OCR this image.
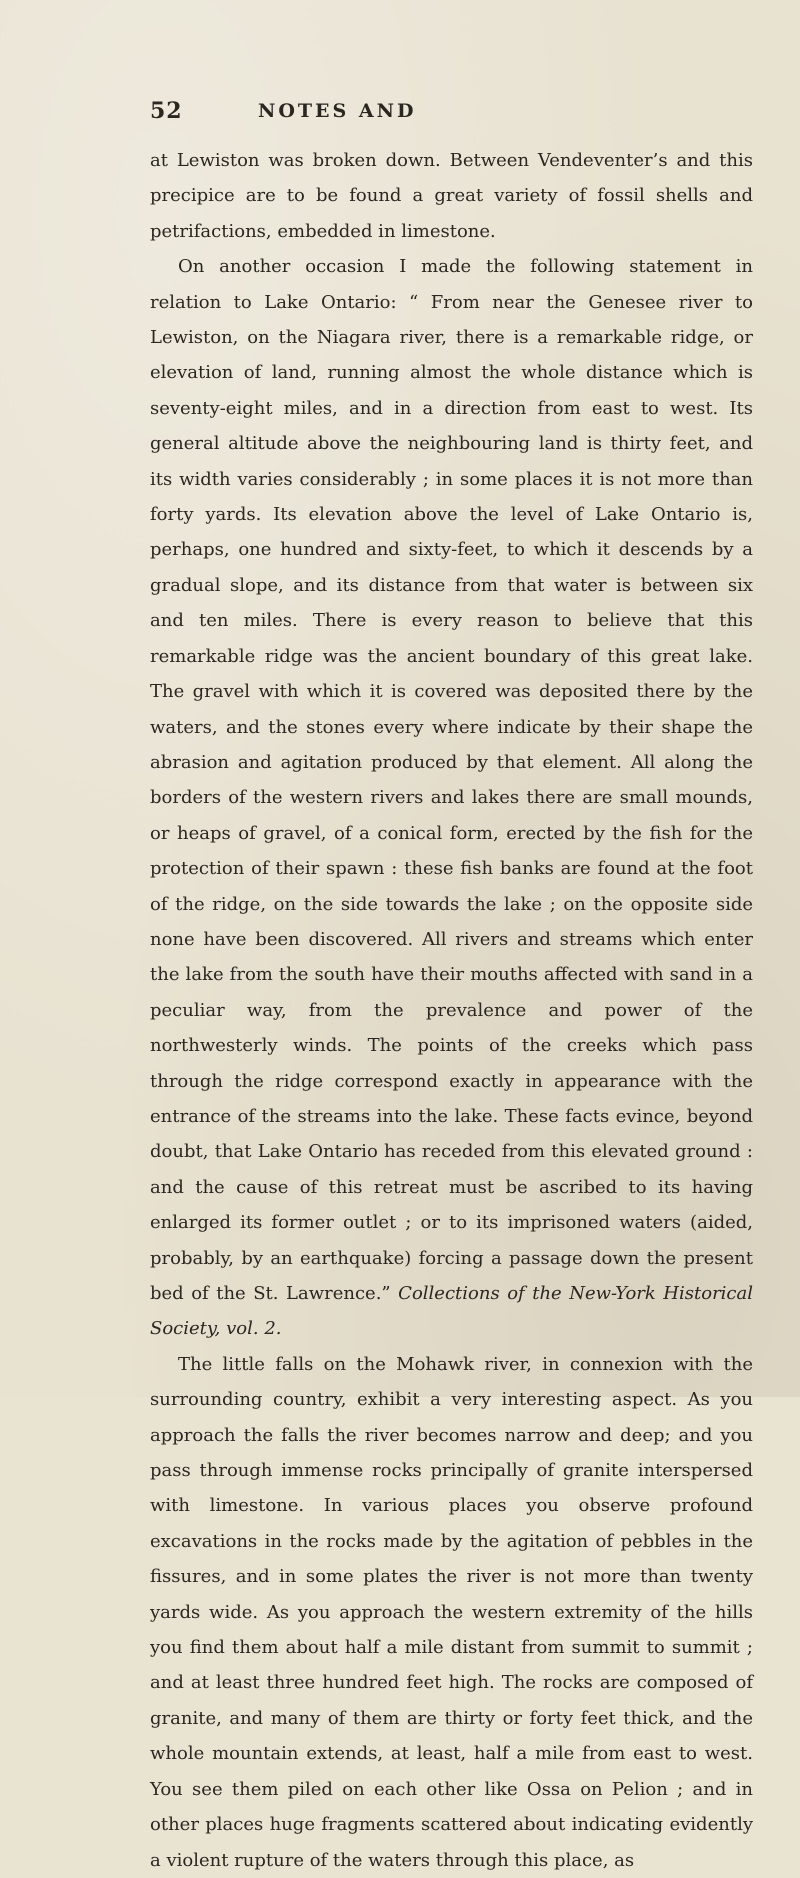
52	NOTES AND

at Lewiston was broken down. Between Vendeventer’s and this precipice are to be found a great variety of fossil shells and petrifactions, embedded in limestone.

On another occasion I made the following statement in relation to Lake Ontario: “ From near the Genesee river to Lewiston, on the Niagara river, there is a remarkable ridge, or elevation of land, running almost the whole distance which is seventy-eight miles, and in a direction from east to west. Its general altitude above the neighbouring land is thirty feet, and its width varies considerably ; in some places it is not more than forty yards. Its elevation above the level of Lake Ontario is, perhaps, one hundred and sixty-feet, to which it descends by a gradual slope, and its distance from that water is between six and ten miles. There is every reason to believe that this remarkable ridge was the ancient boundary of this great lake. The gravel with which it is covered was deposited there by the waters, and the stones every where indicate by their shape the abrasion and agitation produced by that element. All along the borders of the western rivers and lakes there are small mounds, or heaps of gravel, of a conical form, erected by the fish for the protection of their spawn : these fish banks are found at the foot of the ridge, on the side towards the lake ; on the opposite side none have been discovered. All rivers and streams which enter the lake from the south have their mouths affected with sand in a peculiar way, from the prevalence and power of the northwesterly winds. The points of the creeks which pass through the ridge correspond exactly in appearance with the entrance of the streams into the lake. These facts evince, beyond doubt, that Lake Ontario has receded from this elevated ground : and the cause of this retreat must be ascribed to its having enlarged its former outlet ; or to its imprisoned waters (aided, probably, by an earthquake) forcing a passage down the present bed of the St. Lawrence.” Collections of the New-York Historical Society, vol. 2.

The little falls on the Mohawk river, in connexion with the surrounding country, exhibit a very interesting aspect. As you approach the falls the river becomes narrow and deep; and you pass through immense rocks principally of granite interspersed with limestone. In various places you observe profound excavations in the rocks made by the agitation of pebbles in the fissures, and in some plates the river is not more than twenty yards wide. As you approach the western extremity of the hills you find them about half a mile distant from summit to summit ; and at least three hundred feet high. The rocks are composed of granite, and many of them are thirty or forty feet thick, and the whole mountain extends, at least, half a mile from east to west. You see them piled on each other like Ossa on Pelion ; and in other places huge fragments scattered about indicating evidently a violent rupture of the waters through this place, as
